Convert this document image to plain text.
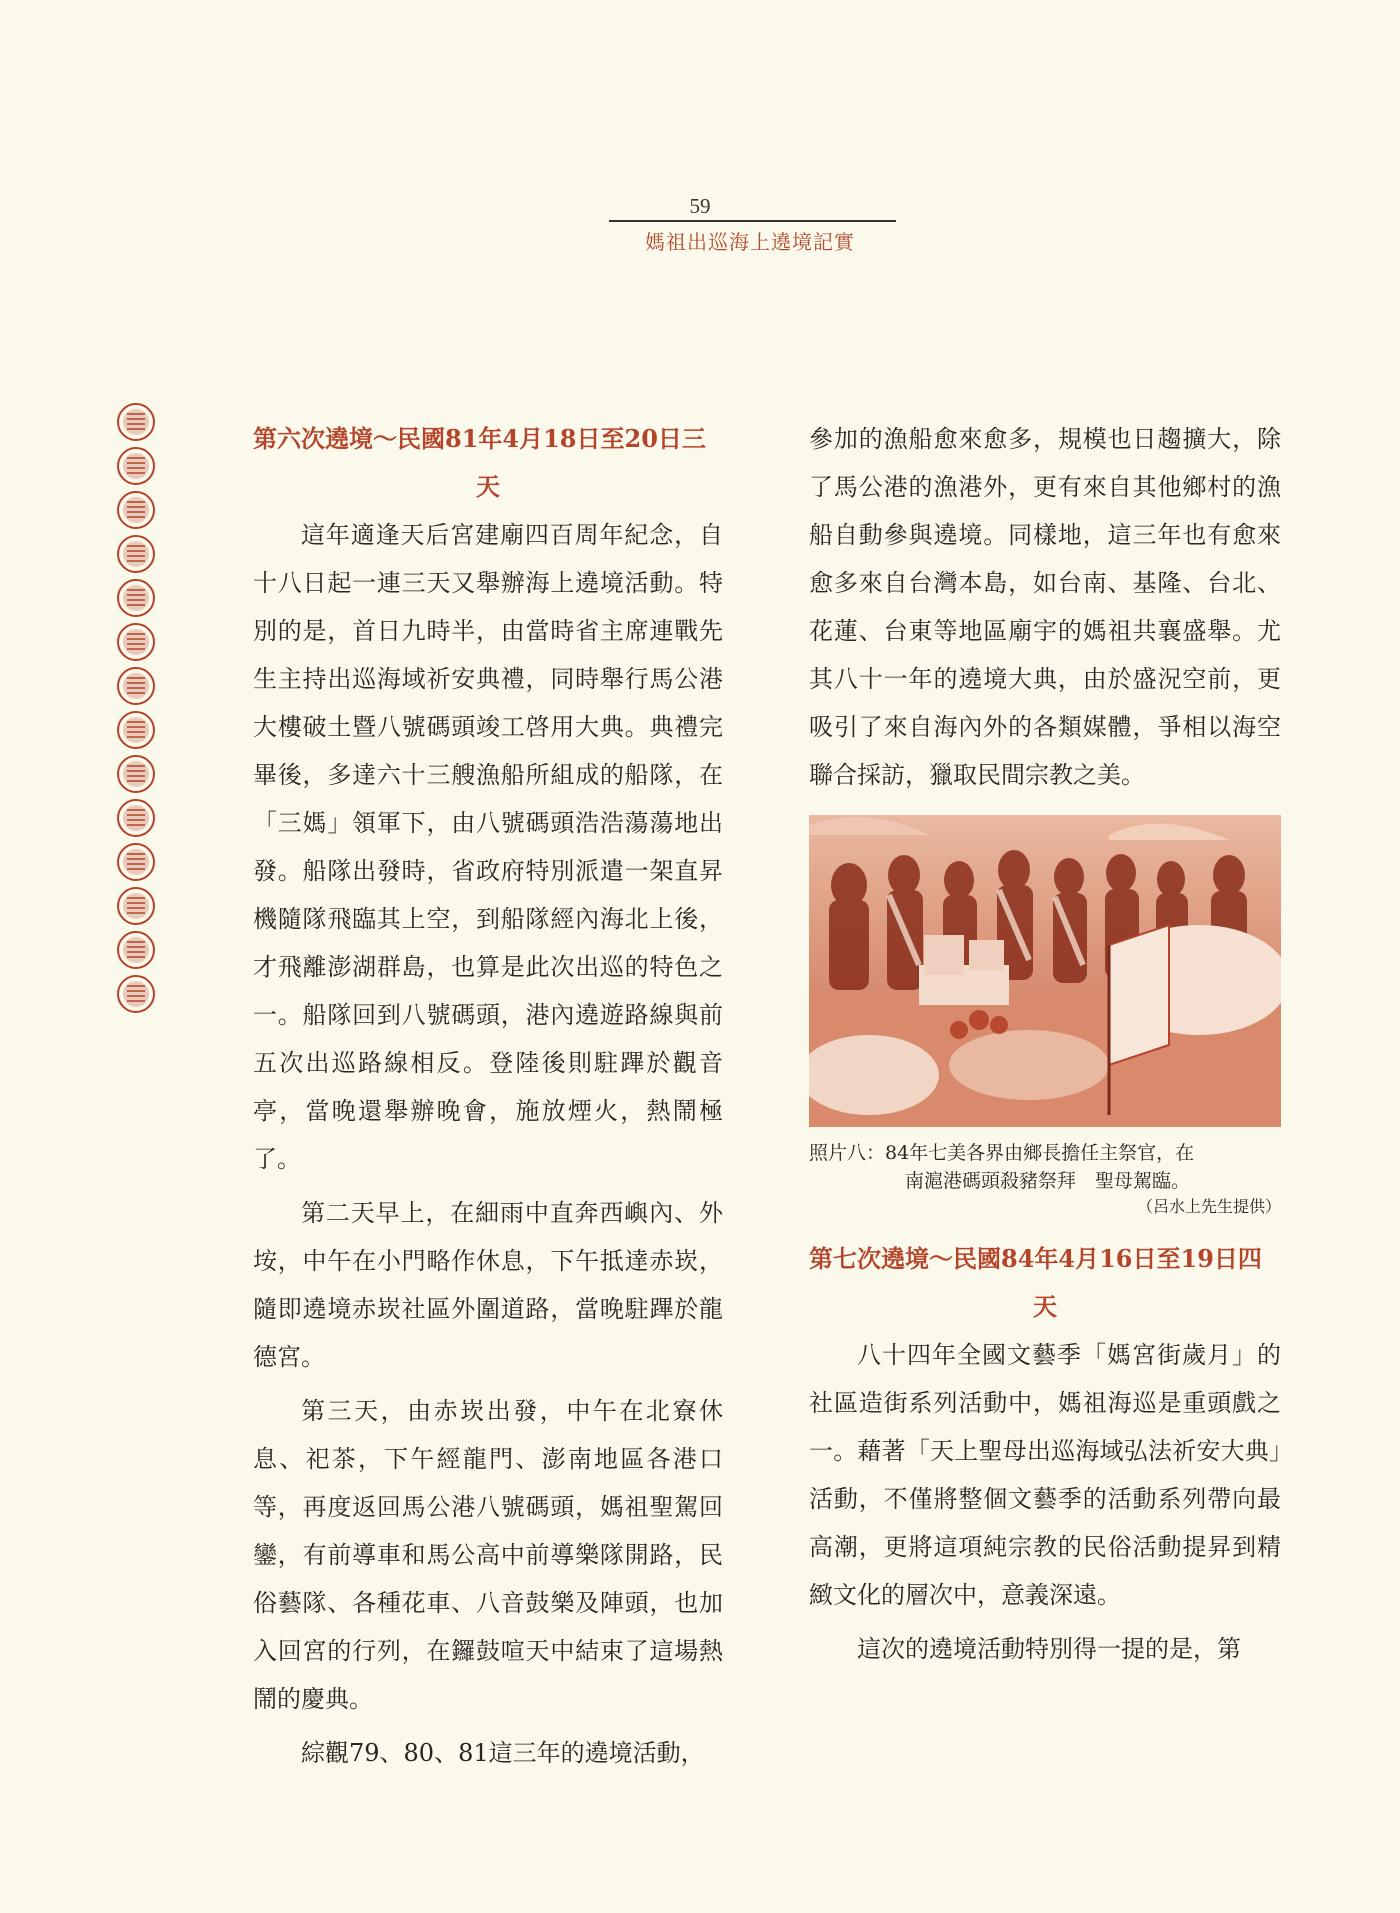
59
媽祖出巡海上遶境記實
第六次遶境～民國81年4月18日至20日三
天

這年適逢天后宮建廟四百周年紀念，自十八日起一連三天又舉辦海上遶境活動。特別的是，首日九時半，由當時省主席連戰先生主持出巡海域祈安典禮，同時舉行馬公港大樓破土暨八號碼頭竣工啓用大典。典禮完畢後，多達六十三艘漁船所組成的船隊，在「三媽」領軍下，由八號碼頭浩浩蕩蕩地出發。船隊出發時，省政府特別派遣一架直昇機隨隊飛臨其上空，到船隊經內海北上後，才飛離澎湖群島，也算是此次出巡的特色之一。船隊回到八號碼頭，港內遶遊路線與前五次出巡路線相反。登陸後則駐蹕於觀音亭，當晚還舉辦晚會，施放煙火，熱鬧極了。

第二天早上，在細雨中直奔西嶼內、外垵，中午在小門略作休息，下午抵達赤崁，隨即遶境赤崁社區外圍道路，當晚駐蹕於龍德宮。

第三天，由赤崁出發，中午在北寮休息、祀茶，下午經龍門、澎南地區各港口等，再度返回馬公港八號碼頭，媽祖聖駕回鑾，有前導車和馬公高中前導樂隊開路，民俗藝隊、各種花車、八音鼓樂及陣頭，也加入回宮的行列，在鑼鼓喧天中結束了這場熱鬧的慶典。

綜觀79、80、81這三年的遶境活動，

參加的漁船愈來愈多，規模也日趨擴大，除了馬公港的漁港外，更有來自其他鄉村的漁船自動參與遶境。同樣地，這三年也有愈來愈多來自台灣本島，如台南、基隆、台北、花蓮、台東等地區廟宇的媽祖共襄盛舉。尤其八十一年的遶境大典，由於盛況空前，更吸引了來自海內外的各類媒體，爭相以海空聯合採訪，獵取民間宗教之美。

照片八：84年七美各界由鄉長擔任主祭官，在
南滬港碼頭殺豬祭拜　聖母駕臨。
（呂水上先生提供）
第七次遶境～民國84年4月16日至19日四
天

八十四年全國文藝季「媽宮街歲月」的社區造街系列活動中，媽祖海巡是重頭戲之一。藉著「天上聖母出巡海域弘法祈安大典」活動，不僅將整個文藝季的活動系列帶向最高潮，更將這項純宗教的民俗活動提昇到精緻文化的層次中，意義深遠。

這次的遶境活動特別得一提的是，第
